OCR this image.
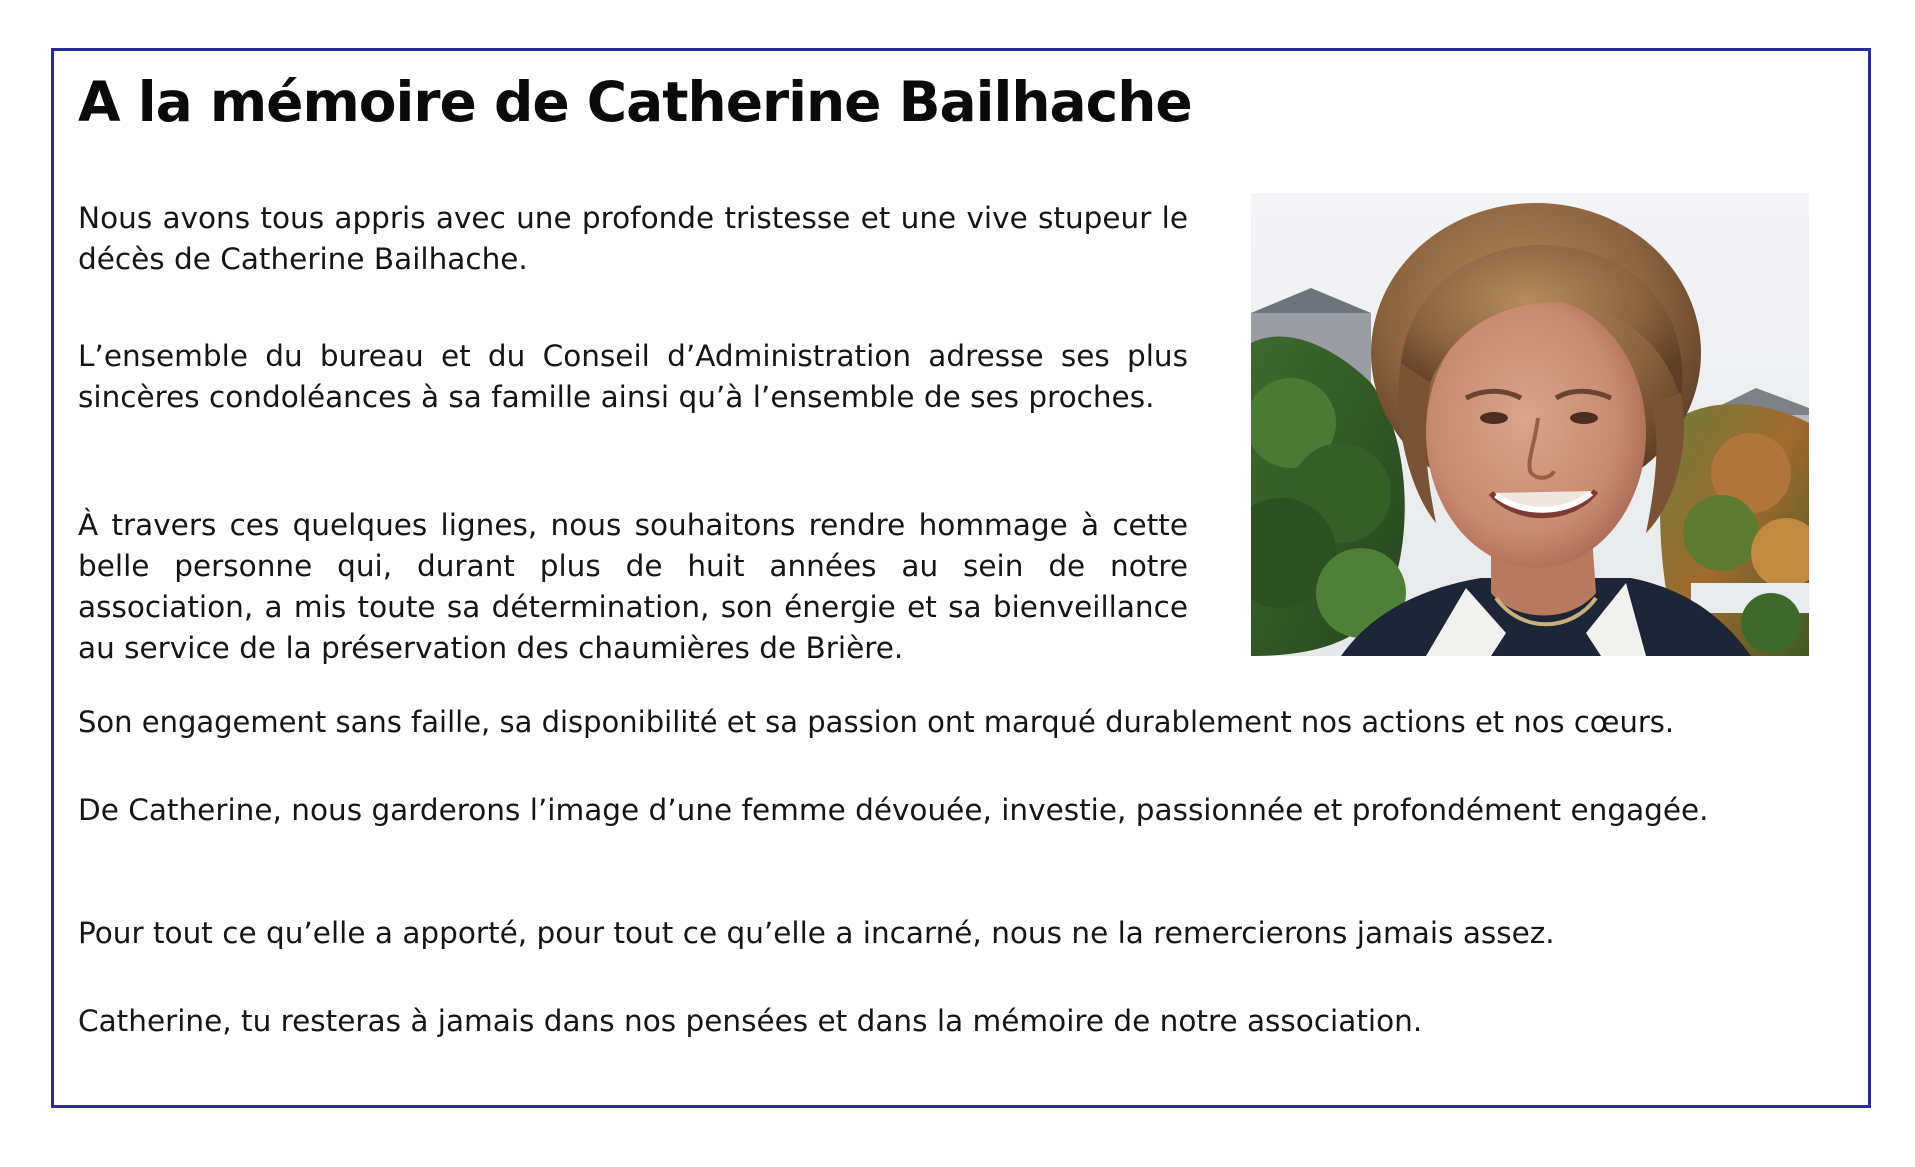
A la mémoire de Catherine Bailhache

Nous avons tous appris avec une profonde tristesse et une vive stupeur le décès de Catherine Bailhache.

L’ensemble du bureau et du Conseil d’Administration adresse ses plus sincères condoléances à sa famille ainsi qu’à l’ensemble de ses proches.

À travers ces quelques lignes, nous souhaitons rendre hommage à cette belle personne qui, durant plus de huit années au sein de notre association, a mis toute sa détermination, son énergie et sa bienveillance au service de la préservation des chaumières de Brière.

Son engagement sans faille, sa disponibilité et sa passion ont marqué durablement nos actions et nos cœurs.

De Catherine, nous garderons l’image d’une femme dévouée, investie, passionnée et profondément engagée.

Pour tout ce qu’elle a apporté, pour tout ce qu’elle a incarné, nous ne la remercierons jamais assez.

Catherine, tu resteras à jamais dans nos pensées et dans la mémoire de notre association.
